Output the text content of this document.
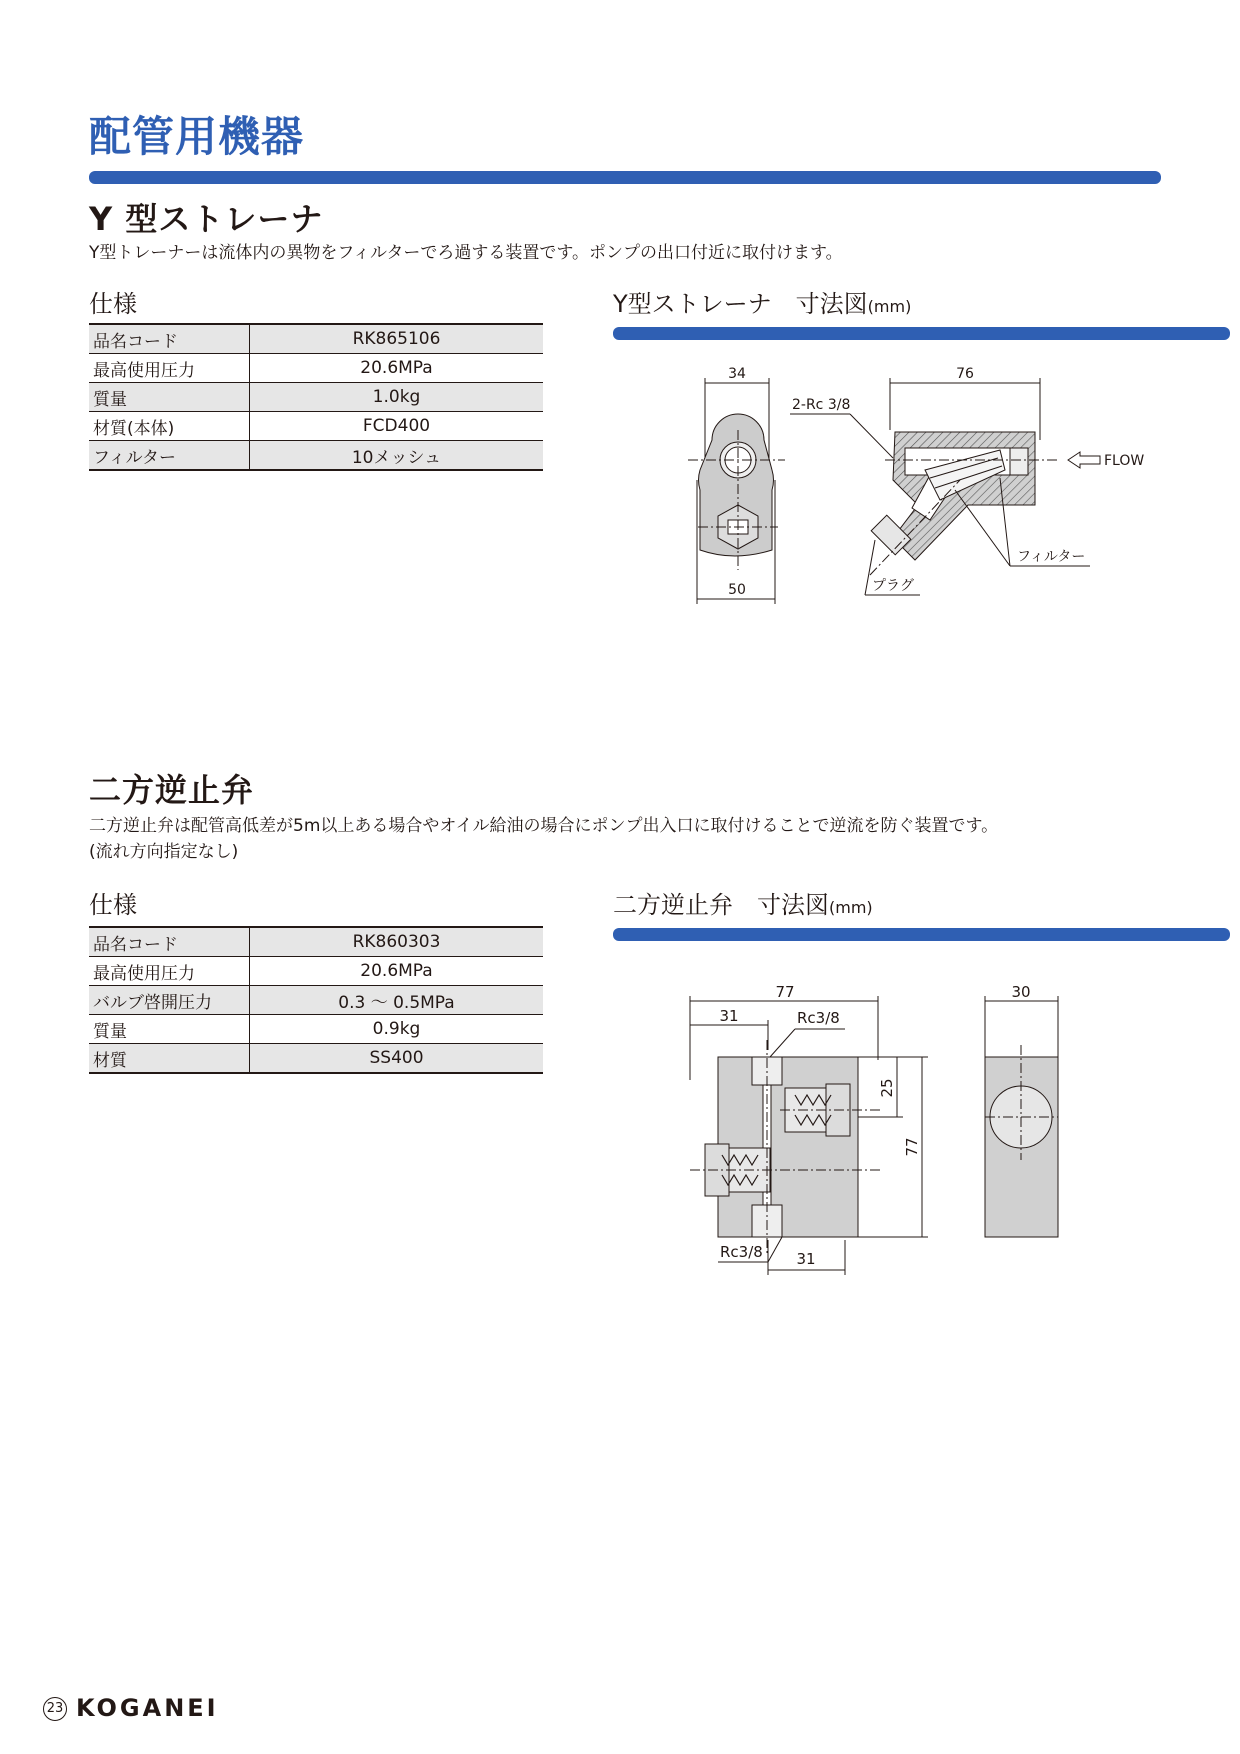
配管用機器
Y 型ストレーナ
Y型トレーナーは流体内の異物をフィルターでろ過する装置です。ポンプの出口付近に取付けます。
仕様
品名コード	RK865106
最高使用圧力	20.6MPa
質量	1.0kg
材質(本体)	FCD400
フィルター	10メッシュ
Y型ストレーナ　寸法図(mm)
34
50
76
2-Rc 3/8
FLOW
フィルター
プラグ
二方逆止弁
二方逆止弁は配管高低差が5m以上ある場合やオイル給油の場合にポンプ出入口に取付けることで逆流を防ぐ装置です。
(流れ方向指定なし)
仕様
品名コード	RK860303
最高使用圧力	20.6MPa
バルブ啓開圧力	0.3 ～ 0.5MPa
質量	0.9kg
材質	SS400
二方逆止弁　寸法図(mm)
77
31	Rc3/8
25
77
Rc3/8 31
30
23 KOGANEI
